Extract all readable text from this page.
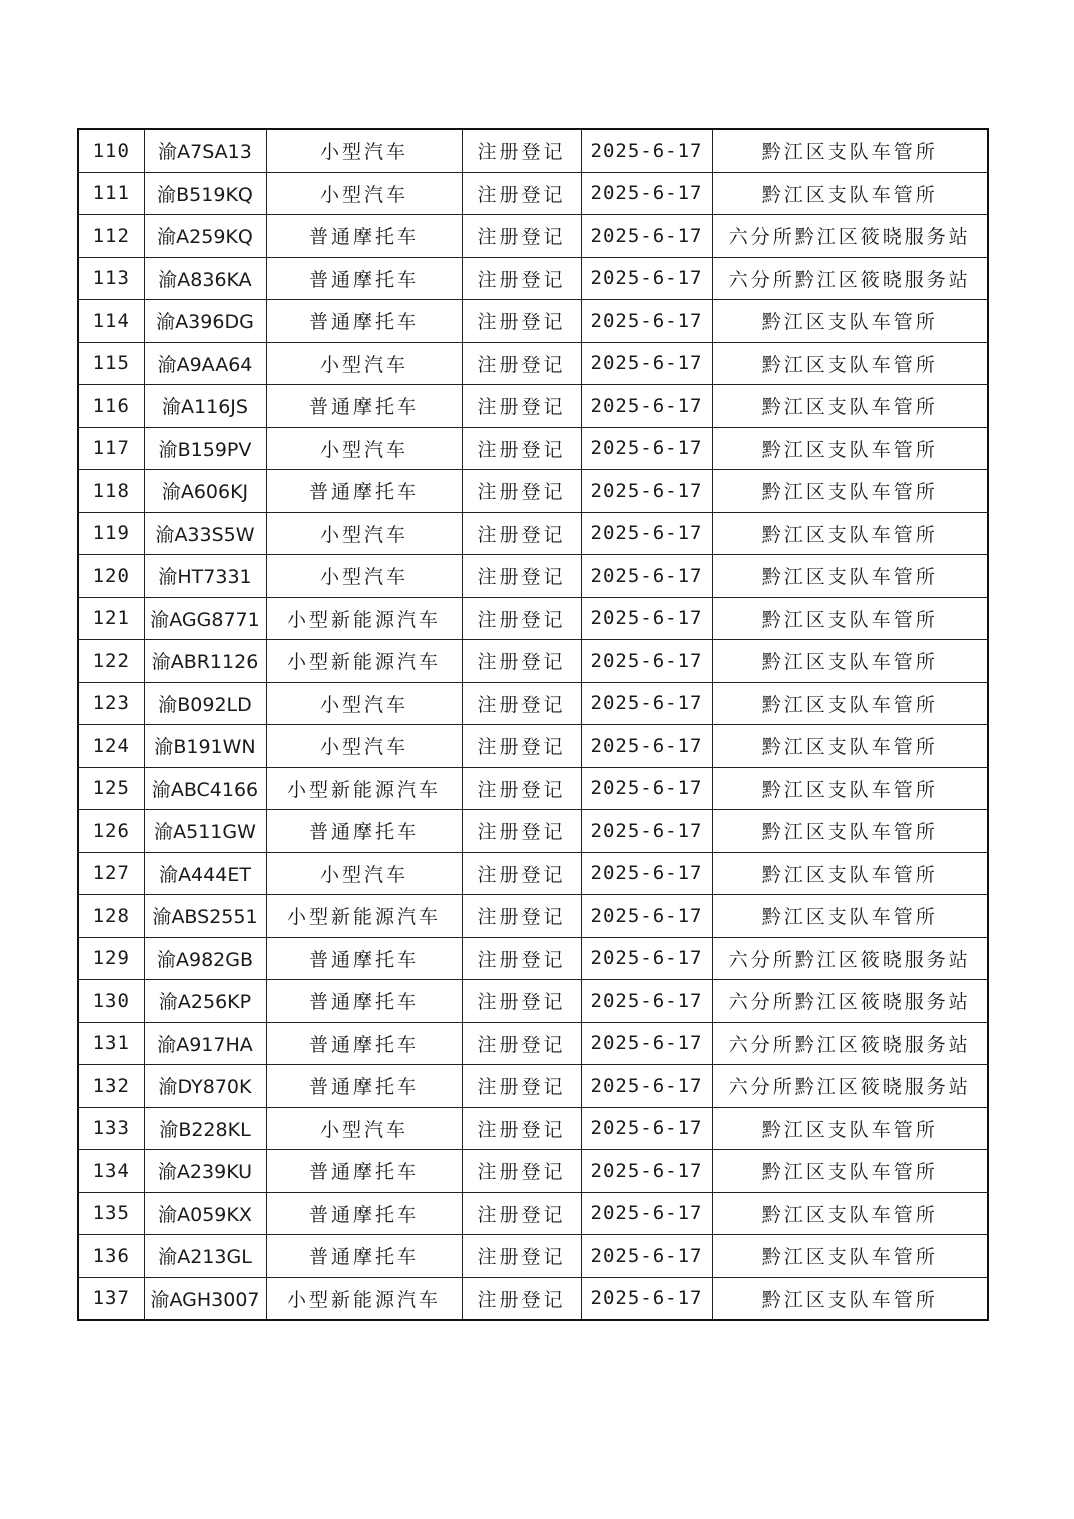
110	渝A7SA13	小型汽车	注册登记	2025-6-17	黔江区支队车管所
111	渝B519KQ	小型汽车	注册登记	2025-6-17	黔江区支队车管所
112	渝A259KQ	普通摩托车	注册登记	2025-6-17	六分所黔江区筱晓服务站
113	渝A836KA	普通摩托车	注册登记	2025-6-17	六分所黔江区筱晓服务站
114	渝A396DG	普通摩托车	注册登记	2025-6-17	黔江区支队车管所
115	渝A9AA64	小型汽车	注册登记	2025-6-17	黔江区支队车管所
116	渝A116JS	普通摩托车	注册登记	2025-6-17	黔江区支队车管所
117	渝B159PV	小型汽车	注册登记	2025-6-17	黔江区支队车管所
118	渝A606KJ	普通摩托车	注册登记	2025-6-17	黔江区支队车管所
119	渝A33S5W	小型汽车	注册登记	2025-6-17	黔江区支队车管所
120	渝HT7331	小型汽车	注册登记	2025-6-17	黔江区支队车管所
121	渝AGG8771	小型新能源汽车	注册登记	2025-6-17	黔江区支队车管所
122	渝ABR1126	小型新能源汽车	注册登记	2025-6-17	黔江区支队车管所
123	渝B092LD	小型汽车	注册登记	2025-6-17	黔江区支队车管所
124	渝B191WN	小型汽车	注册登记	2025-6-17	黔江区支队车管所
125	渝ABC4166	小型新能源汽车	注册登记	2025-6-17	黔江区支队车管所
126	渝A511GW	普通摩托车	注册登记	2025-6-17	黔江区支队车管所
127	渝A444ET	小型汽车	注册登记	2025-6-17	黔江区支队车管所
128	渝ABS2551	小型新能源汽车	注册登记	2025-6-17	黔江区支队车管所
129	渝A982GB	普通摩托车	注册登记	2025-6-17	六分所黔江区筱晓服务站
130	渝A256KP	普通摩托车	注册登记	2025-6-17	六分所黔江区筱晓服务站
131	渝A917HA	普通摩托车	注册登记	2025-6-17	六分所黔江区筱晓服务站
132	渝DY870K	普通摩托车	注册登记	2025-6-17	六分所黔江区筱晓服务站
133	渝B228KL	小型汽车	注册登记	2025-6-17	黔江区支队车管所
134	渝A239KU	普通摩托车	注册登记	2025-6-17	黔江区支队车管所
135	渝A059KX	普通摩托车	注册登记	2025-6-17	黔江区支队车管所
136	渝A213GL	普通摩托车	注册登记	2025-6-17	黔江区支队车管所
137	渝AGH3007	小型新能源汽车	注册登记	2025-6-17	黔江区支队车管所
